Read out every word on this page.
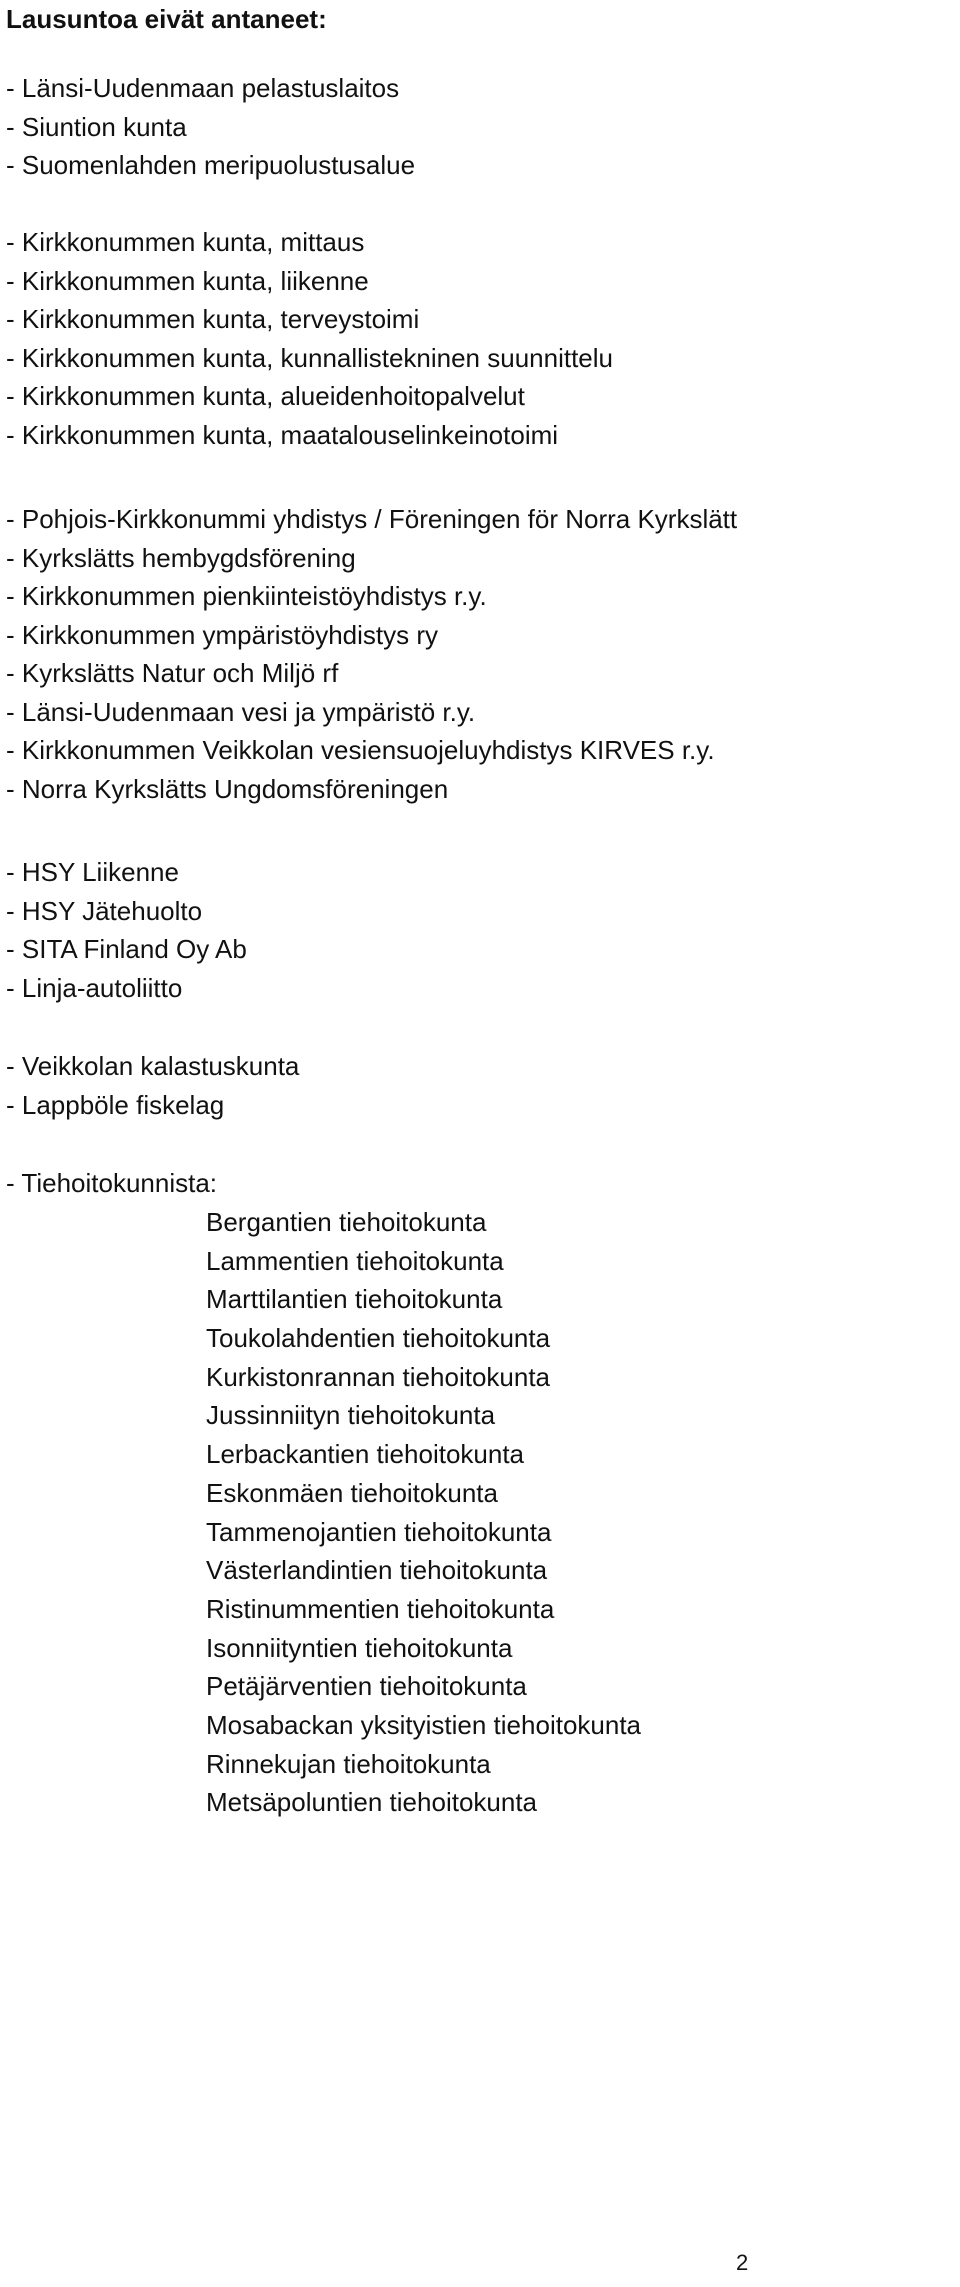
Lausuntoa eivät antaneet:
- Länsi-Uudenmaan pelastuslaitos
- Siuntion kunta
- Suomenlahden meripuolustusalue
- Kirkkonummen kunta, mittaus
- Kirkkonummen kunta, liikenne
- Kirkkonummen kunta, terveystoimi
- Kirkkonummen kunta, kunnallistekninen suunnittelu
- Kirkkonummen kunta, alueidenhoitopalvelut
- Kirkkonummen kunta, maatalouselinkeinotoimi
- Pohjois-Kirkkonummi yhdistys / Föreningen för Norra Kyrkslätt
- Kyrkslätts hembygdsförening
- Kirkkonummen pienkiinteistöyhdistys r.y.
- Kirkkonummen ympäristöyhdistys ry
- Kyrkslätts Natur och Miljö rf
- Länsi-Uudenmaan vesi ja ympäristö r.y.
- Kirkkonummen Veikkolan vesiensuojeluyhdistys KIRVES r.y.
- Norra Kyrkslätts Ungdomsföreningen
- HSY Liikenne
- HSY Jätehuolto
- SITA Finland Oy Ab
- Linja-autoliitto
- Veikkolan kalastuskunta
- Lappböle fiskelag
- Tiehoitokunnista:
Bergantien tiehoitokunta
Lammentien tiehoitokunta
Marttilantien tiehoitokunta
Toukolahdentien tiehoitokunta
Kurkistonrannan tiehoitokunta
Jussinniityn tiehoitokunta
Lerbackantien tiehoitokunta
Eskonmäen tiehoitokunta
Tammenojantien tiehoitokunta
Västerlandintien tiehoitokunta
Ristinummentien tiehoitokunta
Isonniityntien tiehoitokunta
Petäjärventien tiehoitokunta
Mosabackan yksityistien tiehoitokunta
Rinnekujan tiehoitokunta
Metsäpoluntien tiehoitokunta
2
